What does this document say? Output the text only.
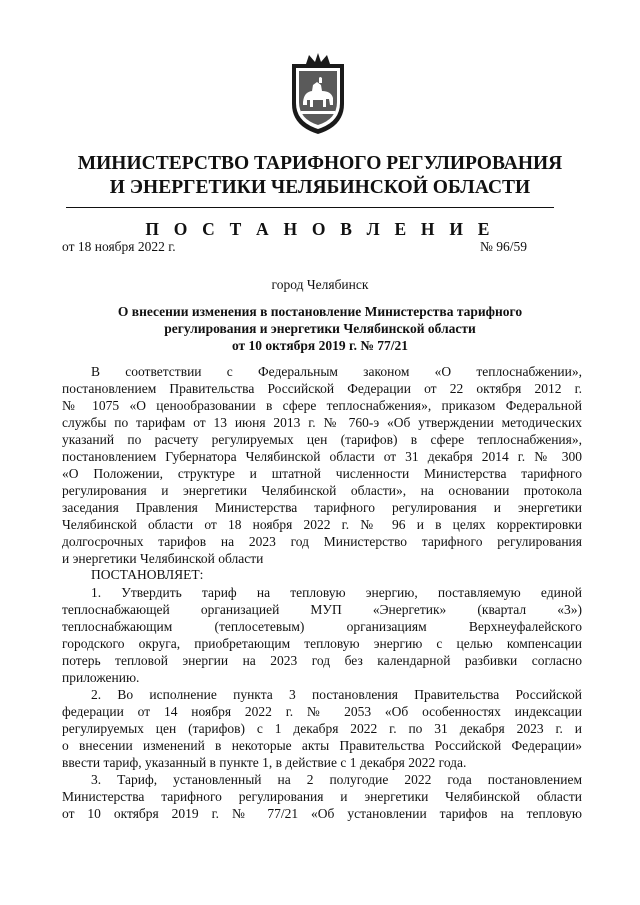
МИНИСТЕРСТВО ТАРИФНОГО РЕГУЛИРОВАНИЯ
И ЭНЕРГЕТИКИ ЧЕЛЯБИНСКОЙ ОБЛАСТИ
П О С Т А Н О В Л Е Н И Е
от 18 ноября 2022 г.	№ 96/59
город Челябинск
О внесении изменения в постановление Министерства тарифного
регулирования и энергетики Челябинской области
от 10 октября 2019 г. № 77/21
В соответствии с Федеральным законом «О теплоснабжении»,
постановлением Правительства Российской Федерации от 22 октября 2012 г.
№ 1075 «О ценообразовании в сфере теплоснабжения», приказом Федеральной
службы по тарифам от 13 июня 2013 г. № 760-э «Об утверждении методических
указаний по расчету регулируемых цен (тарифов) в сфере теплоснабжения»,
постановлением Губернатора Челябинской области от 31 декабря 2014 г. № 300
«О Положении, структуре и штатной численности Министерства тарифного
регулирования и энергетики Челябинской области», на основании протокола
заседания Правления Министерства тарифного регулирования и энергетики
Челябинской области от 18 ноября 2022 г. № 96 и в целях корректировки
долгосрочных тарифов на 2023 год Министерство тарифного регулирования
и энергетики Челябинской области
ПОСТАНОВЛЯЕТ:
1. Утвердить тариф на тепловую энергию, поставляемую единой
теплоснабжающей организацией МУП «Энергетик» (квартал «3»)
теплоснабжающим (теплосетевым) организациям Верхнеуфалейского
городского округа, приобретающим тепловую энергию с целью компенсации
потерь тепловой энергии на 2023 год без календарной разбивки согласно
приложению.
2. Во исполнение пункта 3 постановления Правительства Российской
федерации от 14 ноября 2022 г. № 2053 «Об особенностях индексации
регулируемых цен (тарифов) с 1 декабря 2022 г. по 31 декабря 2023 г. и
о внесении изменений в некоторые акты Правительства Российской Федерации»
ввести тариф, указанный в пункте 1, в действие с 1 декабря 2022 года.
3. Тариф, установленный на 2 полугодие 2022 года постановлением
Министерства тарифного регулирования и энергетики Челябинской области
от 10 октября 2019 г. № 77/21 «Об установлении тарифов на тепловую
